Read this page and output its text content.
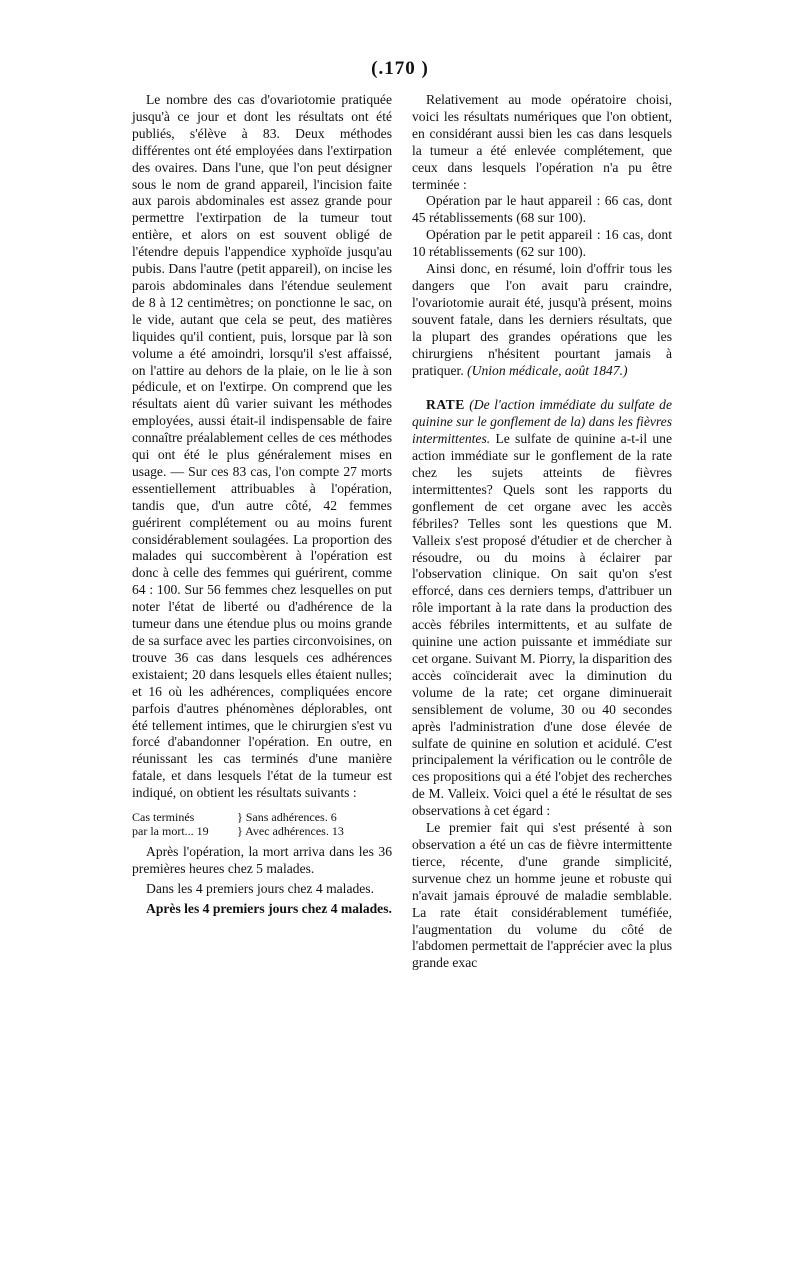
(.170 )

Le nombre des cas d'ovariotomie pratiquée jusqu'à ce jour et dont les résultats ont été publiés, s'élève à 83. Deux méthodes différentes ont été employées dans l'extirpation des ovaires. Dans l'une, que l'on peut désigner sous le nom de grand appareil, l'incision faite aux parois abdominales est assez grande pour permettre l'extirpation de la tumeur tout entière, et alors on est souvent obligé de l'étendre depuis l'appendice xyphoïde jusqu'au pubis. Dans l'autre (petit appareil), on incise les parois abdominales dans l'étendue seulement de 8 à 12 centimètres; on ponctionne le sac, on le vide, autant que cela se peut, des matières liquides qu'il contient, puis, lorsque par là son volume a été amoindri, lorsqu'il s'est affaissé, on l'attire au dehors de la plaie, on le lie à son pédicule, et on l'extirpe. On comprend que les résultats aient dû varier suivant les méthodes employées, aussi était-il indispensable de faire connaître préalablement celles de ces méthodes qui ont été le plus généralement mises en usage. — Sur ces 83 cas, l'on compte 27 morts essentiellement attribuables à l'opération, tandis que, d'un autre côté, 42 femmes guérirent complétement ou au moins furent considérablement soulagées. La proportion des malades qui succombèrent à l'opération est donc à celle des femmes qui guérirent, comme 64 : 100. Sur 56 femmes chez lesquelles on put noter l'état de liberté ou d'adhérence de la tumeur dans une étendue plus ou moins grande de sa surface avec les parties circonvoisines, on trouve 36 cas dans lesquels ces adhérences existaient; 20 dans lesquels elles étaient nulles; et 16 où les adhérences, compliquées encore parfois d'autres phénomènes déplorables, ont été tellement intimes, que le chirurgien s'est vu forcé d'abandonner l'opération. En outre, en réunissant les cas terminés d'une manière fatale, et dans lesquels l'état de la tumeur est indiqué, on obtient les résultats suivants :

Cas terminés	} Sans adhérences. 6
par la mort... 19	} Avec adhérences. 13

Après l'opération, la mort arriva dans les 36 premières heures chez 5 malades.

Dans les 4 premiers jours chez 4 malades.

Après les 4 premiers jours chez 4 malades.

Relativement au mode opératoire choisi, voici les résultats numériques que l'on obtient, en considérant aussi bien les cas dans lesquels la tumeur a été enlevée complétement, que ceux dans lesquels l'opération n'a pu être terminée :

Opération par le haut appareil : 66 cas, dont 45 rétablissements (68 sur 100).

Opération par le petit appareil : 16 cas, dont 10 rétablissements (62 sur 100).

Ainsi donc, en résumé, loin d'offrir tous les dangers que l'on avait paru craindre, l'ovariotomie aurait été, jusqu'à présent, moins souvent fatale, dans les derniers résultats, que la plupart des grandes opérations que les chirurgiens n'hésitent pourtant jamais à pratiquer. (Union médicale, août 1847.)

RATE (De l'action immédiate du sulfate de quinine sur le gonflement de la) dans les fièvres intermittentes. Le sulfate de quinine a-t-il une action immédiate sur le gonflement de la rate chez les sujets atteints de fièvres intermittentes? Quels sont les rapports du gonflement de cet organe avec les accès fébriles? Telles sont les questions que M. Valleix s'est proposé d'étudier et de chercher à résoudre, ou du moins à éclairer par l'observation clinique. On sait qu'on s'est efforcé, dans ces derniers temps, d'attribuer un rôle important à la rate dans la production des accès fébriles intermittents, et au sulfate de quinine une action puissante et immédiate sur cet organe. Suivant M. Piorry, la disparition des accès coïnciderait avec la diminution du volume de la rate; cet organe diminuerait sensiblement de volume, 30 ou 40 secondes après l'administration d'une dose élevée de sulfate de quinine en solution et acidulé. C'est principalement la vérification ou le contrôle de ces propositions qui a été l'objet des recherches de M. Valleix. Voici quel a été le résultat de ses observations à cet égard :

Le premier fait qui s'est présenté à son observation a été un cas de fièvre intermittente tierce, récente, d'une grande simplicité, survenue chez un homme jeune et robuste qui n'avait jamais éprouvé de maladie semblable. La rate était considérablement tuméfiée, l'augmentation du volume du côté de l'abdomen permettait de l'apprécier avec la plus grande exac
